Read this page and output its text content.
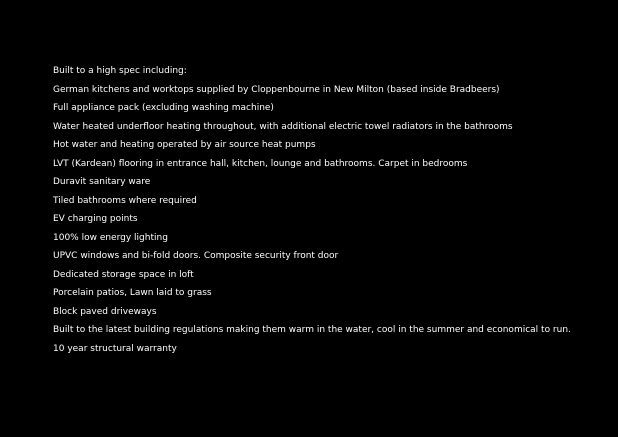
Built to a high spec including:
German kitchens and worktops supplied by Cloppenbourne in New Milton (based inside Bradbeers)
Full appliance pack (excluding washing machine)
Water heated underfloor heating throughout, with additional electric towel radiators in the bathrooms
Hot water and heating operated by air source heat pumps
LVT (Kardean) flooring in entrance hall, kitchen, lounge and bathrooms. Carpet in bedrooms
Duravit sanitary ware
Tiled bathrooms where required
EV charging points
100% low energy lighting
UPVC windows and bi-fold doors. Composite security front door
Dedicated storage space in loft
Porcelain patios, Lawn laid to grass
Block paved driveways
Built to the latest building regulations making them warm in the water, cool in the summer and economical to run.
10 year structural warranty
